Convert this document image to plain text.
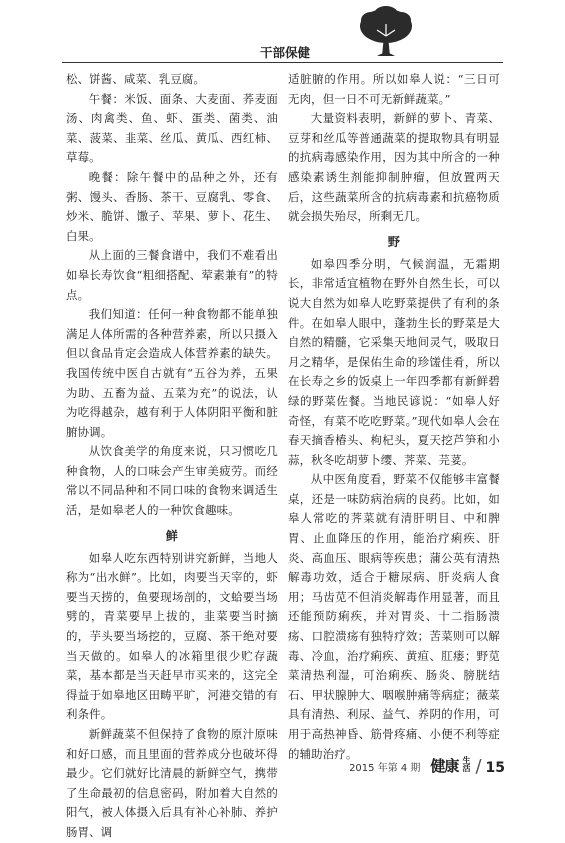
干部保健

松、饼酱、咸菜、乳豆腐。

午餐：米饭、面条、大麦面、荞麦面汤、肉禽类、鱼、虾、蛋类、菌类、油菜、菠菜、韭菜、丝瓜、黄瓜、西红柿、草莓。

晚餐：除午餐中的品种之外，还有粥、馒头、香肠、茶干、豆腐乳、零食、炒米、脆饼、馓子、苹果、萝卜、花生、白果。

从上面的三餐食谱中，我们不难看出如皋长寿饮食“粗细搭配、荤素兼有”的特点。

我们知道：任何一种食物都不能单独满足人体所需的各种营养素，所以只摄入但以食品肯定会造成人体营养素的缺失。我国传统中医自古就有“五谷为养，五果为助、五畜为益、五菜为充”的说法，认为吃得越杂，越有利于人体阴阳平衡和脏腑协调。

从饮食美学的角度来说，只习惯吃几种食物，人的口味会产生审美疲劳。而经常以不同品种和不同口味的食物来调适生活，是如皋老人的一种饮食趣味。

鲜

如皋人吃东西特别讲究新鲜，当地人称为“出水鲜”。比如，肉要当天宰的，虾要当天捞的，鱼要现场剖的，文蛤要当场劈的，青菜要早上拔的，韭菜要当时摘的，芋头要当场挖的，豆腐、茶干绝对要当天做的。如皋人的冰箱里很少贮存蔬菜，基本都是当天赶早市买来的，这完全得益于如皋地区田畴平旷，河港交错的有利条件。

新鲜蔬菜不但保持了食物的原汁原味和好口感，而且里面的营养成分也破坏得最少。它们就好比清晨的新鲜空气，携带了生命最初的信息密码，附加着大自然的阳气，被人体摄入后具有补心补肺、养护肠胃、调

适脏腑的作用。所以如皋人说：“三日可无肉，但一日不可无新鲜蔬菜。”

大量资料表明，新鲜的萝卜、青菜、豆芽和丝瓜等普通蔬菜的提取物具有明显的抗病毒感染作用，因为其中所含的一种感染素诱生剂能抑制肿瘤，但放置两天后，这些蔬菜所含的抗病毒素和抗癌物质就会损失殆尽，所剩无几。

野

如皋四季分明，气候润温，无霜期长，非常适宜植物在野外自然生长，可以说大自然为如皋人吃野菜提供了有利的条件。在如皋人眼中，蓬勃生长的野菜是大自然的精髓，它采集天地间灵气，吸取日月之精华，是保佑生命的珍馐佳肴，所以在长寿之乡的饭桌上一年四季都有新鲜碧绿的野菜佐餐。当地民谚说：“如皋人好奇怪，有菜不吃吃野菜。”现代如皋人会在春天摘香椿头、枸杞头，夏天挖芦笋和小蒜，秋冬吃胡萝卜缨、荠菜、芫荽。

从中医角度看，野菜不仅能够丰富餐桌，还是一味防病治病的良药。比如，如皋人常吃的荠菜就有清肝明目、中和脾胃、止血降压的作用，能治疗痢疾、肝炎、高血压、眼病等疾患；蒲公英有清热解毒功效，适合于糖尿病、肝炎病人食用；马齿苋不但消炎解毒作用显著，而且还能预防痢疾，并对胃炎、十二指肠溃疡、口腔溃疡有独特疗效；苦菜则可以解毒、冷血，治疗痢疾、黄疸、肛瘘；野苋菜清热利湿，可治痢疾、肠炎、膀胱结石、甲状腺肿大、咽喉肿痛等病症；薇菜具有清热、利尿、益气、养阴的作用，可用于高热神昏、筋骨疼痛、小便不利等症的辅助治疗。

2015 年第 4 期 健康 生活 / 15
